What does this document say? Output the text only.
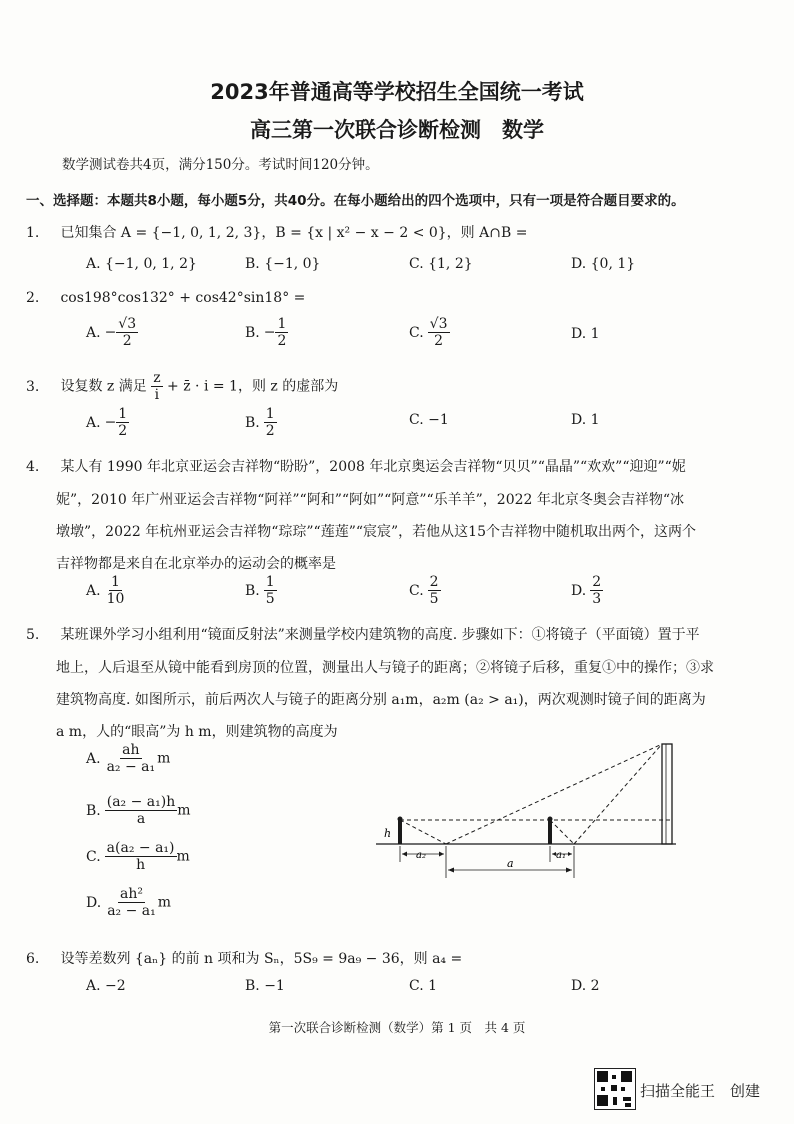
2023年普通高等学校招生全国统一考试
高三第一次联合诊断检测　数学
数学测试卷共4页，满分150分。考试时间120分钟。
一、选择题：本题共8小题，每小题5分，共40分。在每小题给出的四个选项中，只有一项是符合题目要求的。
1. 已知集合 A = {−1, 0, 1, 2, 3}，B = {x | x² − x − 2 < 0}，则 A∩B =
A. {−1, 0, 1, 2}	B. {−1, 0}	C. {1, 2}	D. {0, 1}
2. cos198°cos132° + cos42°sin18° =
A. − $\frac{√3}{2}$	B. − $\frac{1}{2}$	C. $\frac{√3}{2}$	D. 1
3. 设复数 z 满足 $\frac{z}{i}$ + z̄ · i = 1，则 z 的虚部为
A. − $\frac{1}{2}$	B. $\frac{1}{2}$	C. −1	D. 1
4. 某人有 1990 年北京亚运会吉祥物“盼盼”，2008 年北京奥运会吉祥物“贝贝”“晶晶”“欢欢”“迎迎”“妮
妮”，2010 年广州亚运会吉祥物“阿祥”“阿和”“阿如”“阿意”“乐羊羊”，2022 年北京冬奥会吉祥物“冰
墩墩”，2022 年杭州亚运会吉祥物“琮琮”“莲莲”“宸宸”，若他从这15个吉祥物中随机取出两个，这两个
吉祥物都是来自在北京举办的运动会的概率是
A. $\frac{1}{10}$	B. $\frac{1}{5}$	C. $\frac{2}{5}$	D. $\frac{2}{3}$
5. 某班课外学习小组利用“镜面反射法”来测量学校内建筑物的高度. 步骤如下：①将镜子（平面镜）置于平
地上，人后退至从镜中能看到房顶的位置，测量出人与镜子的距离；②将镜子后移，重复①中的操作；③求
建筑物高度. 如图所示，前后两次人与镜子的距离分别 a₁m，a₂m (a₂ > a₁)，两次观测时镜子间的距离为
a m，人的“眼高”为 h m，则建筑物的高度为
A. $\frac{ah}{\text{a₂ − a₁}}$ m
B. $\frac{\text{(a₂ − a₁)h}}{a}$ m
C. $\frac{\text{a(a₂ − a₁)}}{h}$ m
D. $\frac{\text{ah²}}{\text{a₂ − a₁}}$ m
h
a₂	a₁
a
6. 设等差数列 {aₙ} 的前 n 项和为 Sₙ，5S₉ = 9a₉ − 36，则 a₄ =
A. −2	B. −1	C. 1	D. 2
第一次联合诊断检测（数学）第 1 页　共 4 页
扫描全能王　创建
